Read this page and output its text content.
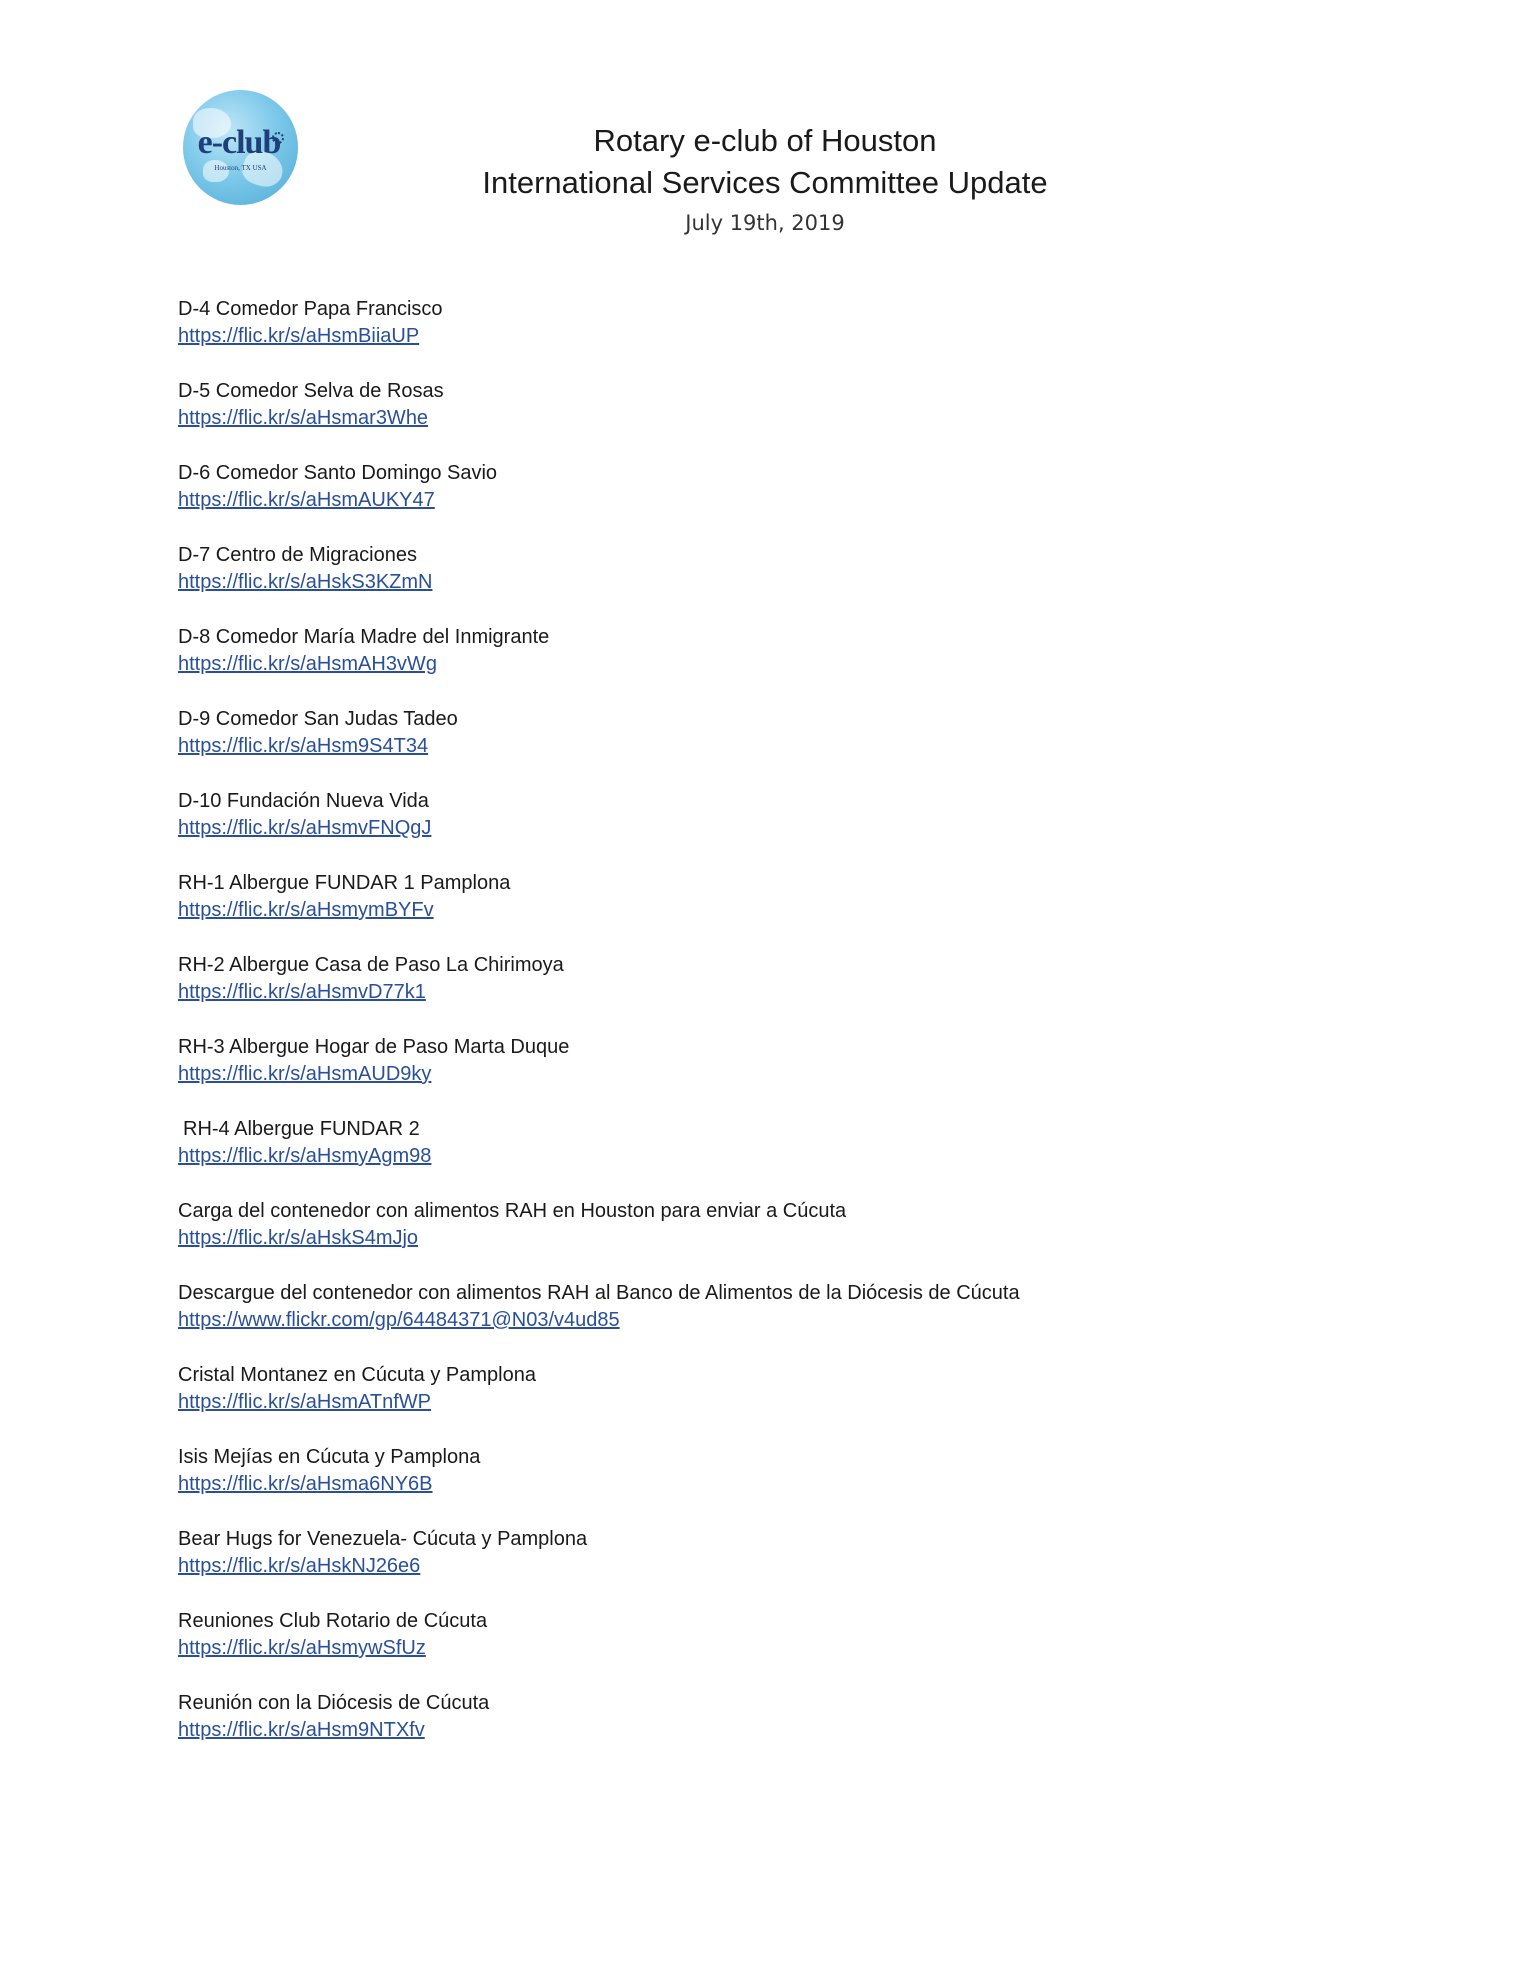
e-club
Houston, TX USA
Rotary e-club of Houston
International Services Committee Update
July 19th, 2019
D-4 Comedor Papa Francisco
https://flic.kr/s/aHsmBiiaUP
D-5 Comedor Selva de Rosas
https://flic.kr/s/aHsmar3Whe
D-6 Comedor Santo Domingo Savio
https://flic.kr/s/aHsmAUKY47
D-7 Centro de Migraciones
https://flic.kr/s/aHskS3KZmN
D-8 Comedor María Madre del Inmigrante
https://flic.kr/s/aHsmAH3vWg
D-9 Comedor San Judas Tadeo
https://flic.kr/s/aHsm9S4T34
D-10 Fundación Nueva Vida
https://flic.kr/s/aHsmvFNQgJ
RH-1 Albergue FUNDAR 1 Pamplona
https://flic.kr/s/aHsmymBYFv
RH-2 Albergue Casa de Paso La Chirimoya
https://flic.kr/s/aHsmvD77k1
RH-3 Albergue Hogar de Paso Marta Duque
https://flic.kr/s/aHsmAUD9ky
RH-4 Albergue FUNDAR 2
https://flic.kr/s/aHsmyAgm98
Carga del contenedor con alimentos RAH en Houston para enviar a Cúcuta
https://flic.kr/s/aHskS4mJjo
Descargue del contenedor con alimentos RAH al Banco de Alimentos de la Diócesis de Cúcuta
https://www.flickr.com/gp/64484371@N03/v4ud85
Cristal Montanez en Cúcuta y Pamplona
https://flic.kr/s/aHsmATnfWP
Isis Mejías en Cúcuta y Pamplona
https://flic.kr/s/aHsma6NY6B
Bear Hugs for Venezuela- Cúcuta y Pamplona
https://flic.kr/s/aHskNJ26e6
Reuniones Club Rotario de Cúcuta
https://flic.kr/s/aHsmywSfUz
Reunión con la Diócesis de Cúcuta
https://flic.kr/s/aHsm9NTXfv
